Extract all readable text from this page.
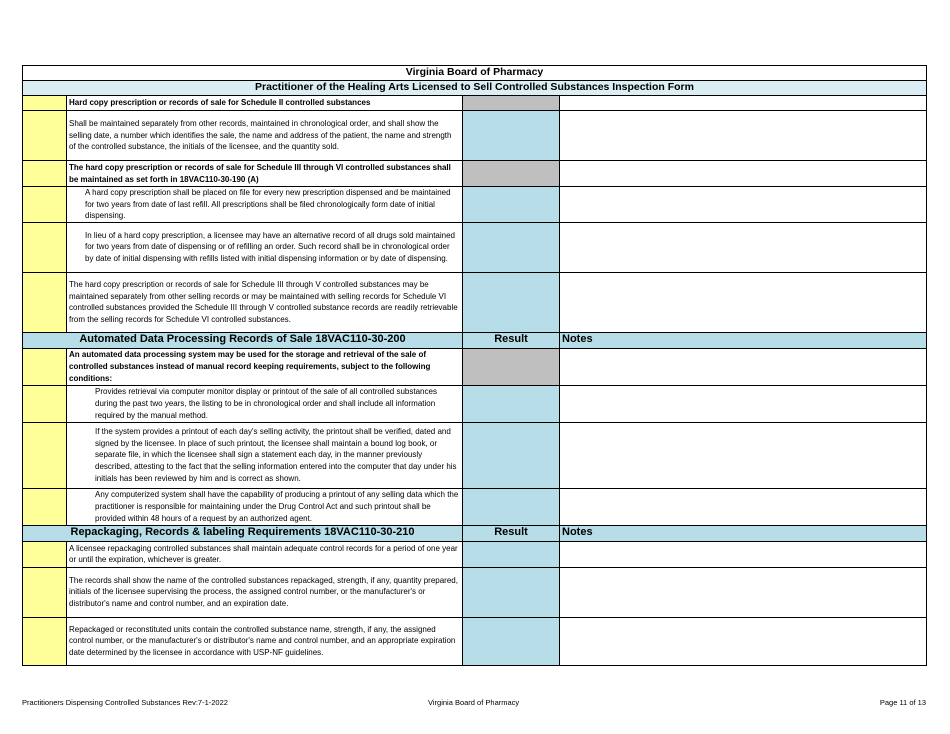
Virginia Board of Pharmacy			
Practitioner of the Healing Arts Licensed to Sell Controlled Substances Inspection Form			
	Hard copy prescription or records of sale for Schedule II controlled substances		
	Shall be maintained separately from other records, maintained in chronological order, and shall show the selling date, a number which identifies the sale, the name and address of the patient, the name and strength of the controlled substance, the initials of the licensee, and the quantity sold.		
	The hard copy prescription or records of sale for Schedule III through VI controlled substances shall be maintained as set forth in 18VAC110-30-190 (A)		
	A hard copy prescription shall be placed on file for every new prescription dispensed and be maintained for two years from date of last refill. All prescriptions shall be filed chronologically form date of initial dispensing.		
	In lieu of a hard copy prescription, a licensee may have an alternative record of all drugs sold maintained for two years from date of dispensing or of refilling an order. Such record shall be in chronological order by date of initial dispensing with refills listed with initial dispensing information or by date of dispensing.		
	The hard copy prescription or records of sale for Schedule III through V controlled substances may be maintained separately from other selling records or may be maintained with selling records for Schedule VI controlled substances provided the Schedule III through V controlled substance records are readily retrievable from the selling records for Schedule VI controlled substances.		
Automated Data Processing Records of Sale 18VAC110-30-200		Result	Notes
	An automated data processing system may be used for the storage and retrieval of the sale of controlled substances instead of manual record keeping requirements, subject to the following conditions:		
	Provides retrieval via computer monitor display or printout of the sale of all controlled substances during the past two years, the listing to be in chronological order and shall include all information required by the manual method.		
	If the system provides a printout of each day's selling activity, the printout shall be verified, dated and signed by the licensee. In place of such printout, the licensee shall maintain a bound log book, or separate file, in which the licensee shall sign a statement each day, in the manner previously described, attesting to the fact that the selling information entered into the computer that day under his initials has been reviewed by him and is correct as shown.		
	Any computerized system shall have the capability of producing a printout of any selling data which the practitioner is responsible for maintaining under the Drug Control Act and such printout shall be provided within 48 hours of a request by an authorized agent.		
Repackaging, Records & labeling Requirements 18VAC110-30-210		Result	Notes
	A licensee repackaging controlled substances shall maintain adequate control records for a period of one year or until the expiration, whichever is greater.		
	The records shall show the name of the controlled substances repackaged, strength, if any, quantity prepared, initials of the licensee supervising the process, the assigned control number, or the manufacturer's or distributor's name and control number, and an expiration date.		
	Repackaged or reconstituted units contain the controlled substance name, strength, if any, the assigned control number, or the manufacturer's or distributor's name and control number, and an appropriate expiration date determined by the licensee in accordance with USP-NF guidelines.		
Practitioners Dispensing Controlled Substances Rev:7-1-2022	Virginia Board of Pharmacy	Page 11 of 13
